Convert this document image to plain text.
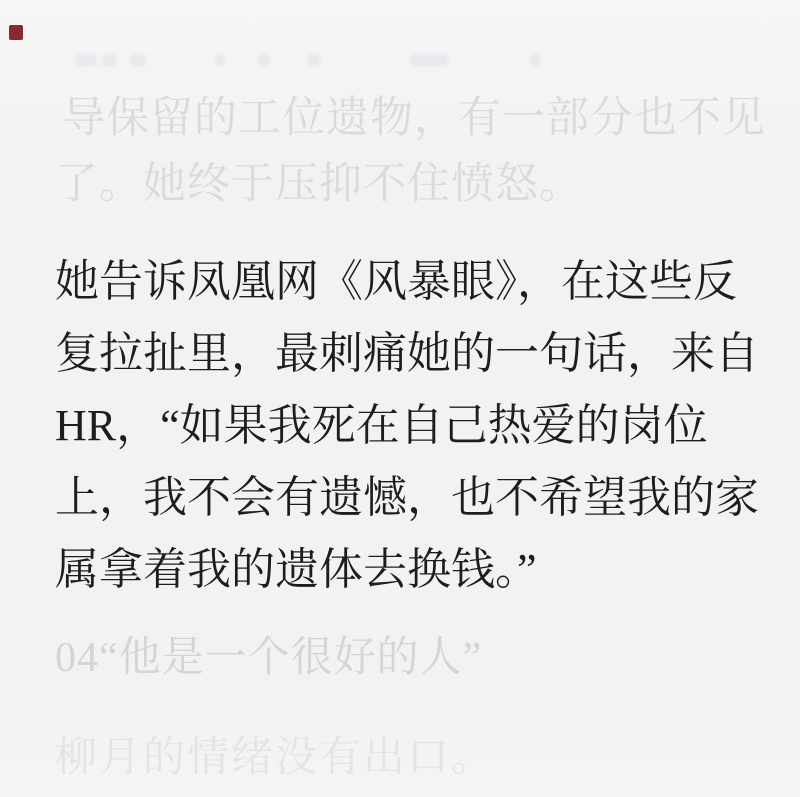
导保留的工位遗物，有一部分也不见
了。她终于压抑不住愤怒。
她告诉凤凰网《风暴眼》，在这些反
复拉扯里，最刺痛她的一句话，来自
HR，“如果我死在自己热爱的岗位
上，我不会有遗憾，也不希望我的家
属拿着我的遗体去换钱。”
04“他是一个很好的人”
柳月的情绪没有出口。
